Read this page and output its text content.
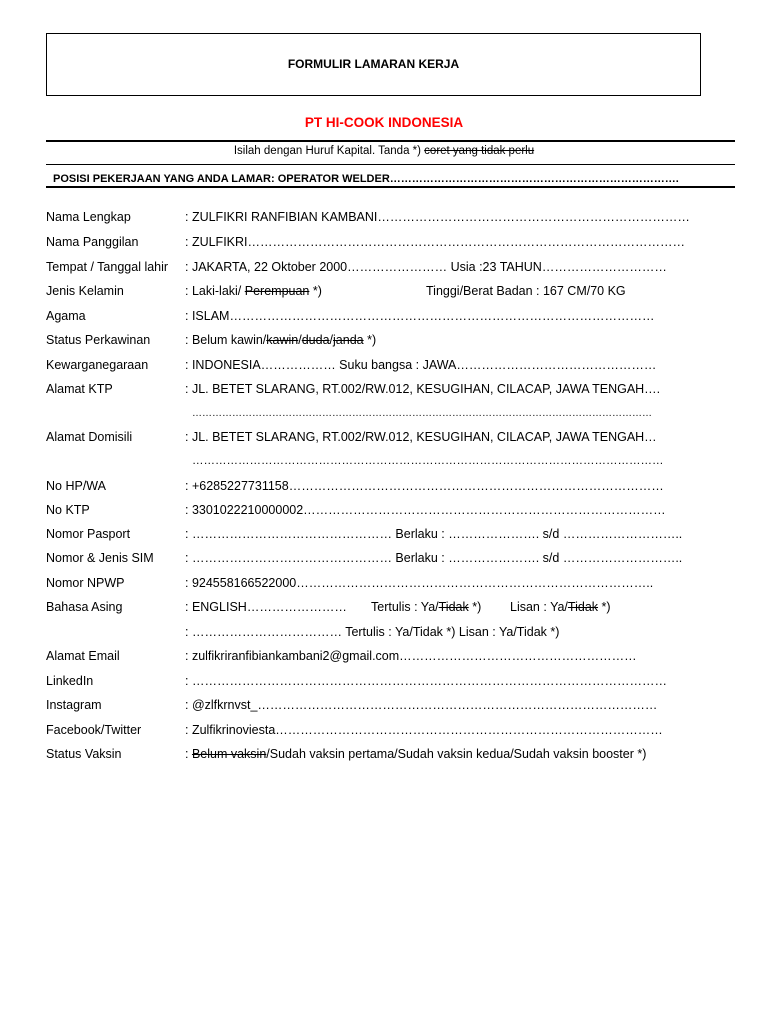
FORMULIR LAMARAN KERJA
PT HI-COOK INDONESIA
Isilah dengan Huruf Kapital. Tanda *) coret yang tidak perlu
POSISI PEKERJAAN YANG ANDA LAMAR: OPERATOR WELDER…………………………………………………………………….
Nama Lengkap	: ZULFIKRI RANFIBIAN KAMBANI…………………………………………………………………
Nama Panggilan	: ZULFIKRI……………………………………………………………………………………………
Tempat / Tanggal lahir : JAKARTA, 22 Oktober 2000…………………… Usia :23 TAHUN…………………………
Jenis Kelamin	: Laki-laki/ Perempuan *)	Tinggi/Berat Badan : 167 CM/70 KG
Agama	: ISLAM…………………………………………………………………………………………
Status Perkawinan	: Belum kawin/kawin/duda/janda *)
Kewarganegaraan	: INDONESIA……………… Suku bangsa : JAWA…………………………………………
Alamat KTP	: JL. BETET SLARANG, RT.002/RW.012, KESUGIHAN, CILACAP, JAWA TENGAH….
…………………………………………………………………………………………………………………………
Alamat Domisili	: JL. BETET SLARANG, RT.002/RW.012, KESUGIHAN, CILACAP, JAWA TENGAH…
……………………………………………………………………………………………………………
No HP/WA	: +6285227731158………………………………………………………………………………
No KTP	: 3301022210000002……………………………………………………………………………
Nomor Pasport	: ………………………………………… Berlaku : …………………. s/d ………………………..
Nomor & Jenis SIM	: ………………………………………… Berlaku : …………………. s/d ………………………..
Nomor NPWP	: 924558166522000…………………………………………………………………………..
Bahasa Asing	: ENGLISH…………………… Tertulis : Ya/Tidak *) Lisan : Ya/Tidak *)
: ……………………………… Tertulis : Ya/Tidak *) Lisan : Ya/Tidak *)
Alamat Email	: zulfikriranfibiankambani2@gmail.com…………………………………………………
LinkedIn	: ……………………………………………………………………………………………………
Instagram	: @zlfkrnvst_……………………………………………………………………………………
Facebook/Twitter	: Zulfikrinoviesta…………………………………………………………………………………
Status Vaksin	: Belum vaksin/Sudah vaksin pertama/Sudah vaksin kedua/Sudah vaksin booster *)
